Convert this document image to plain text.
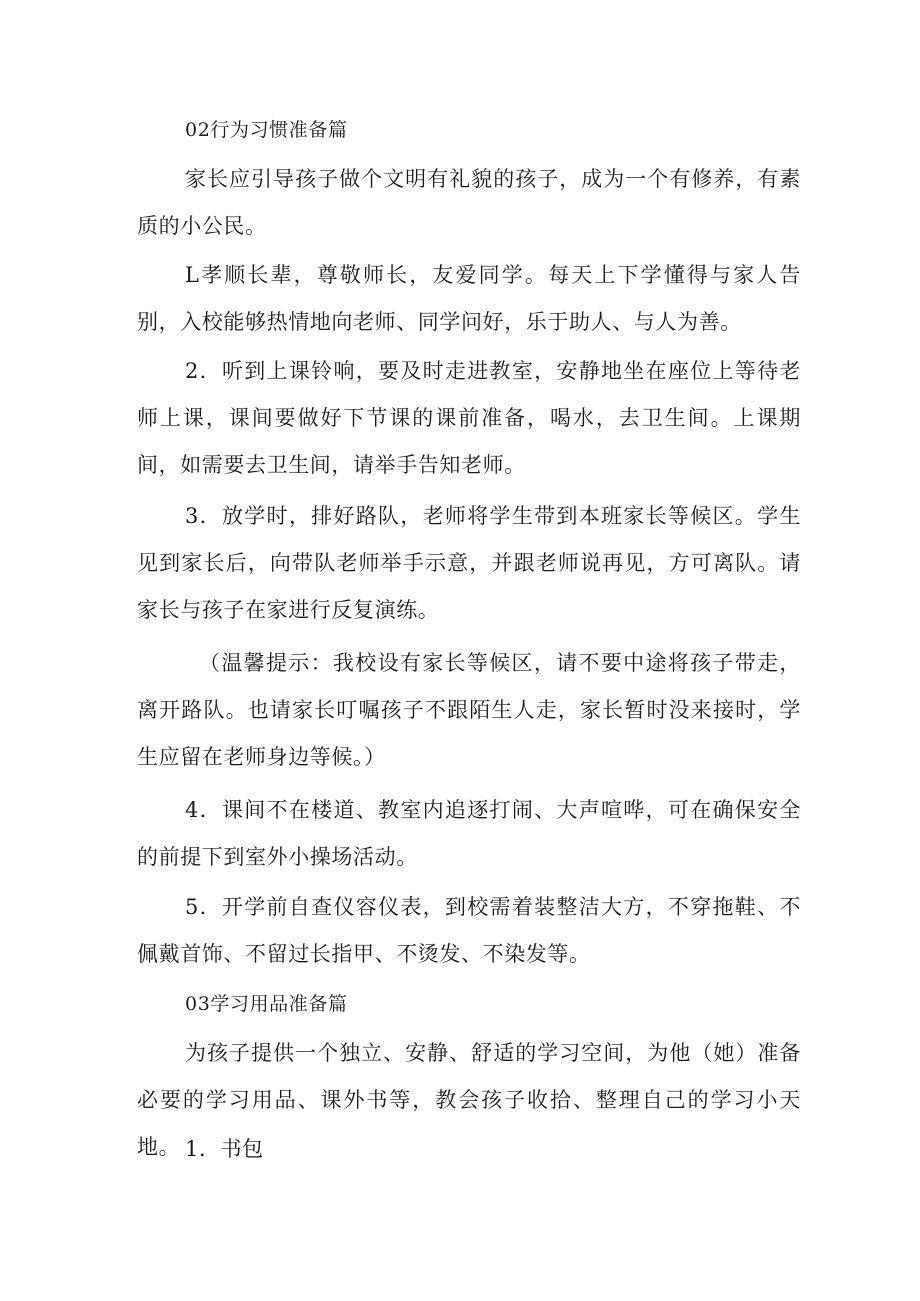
02行为习惯准备篇

家长应引导孩子做个文明有礼貌的孩子，成为一个有修养，有素质的小公民。

L孝顺长辈，尊敬师长，友爱同学。每天上下学懂得与家人告别，入校能够热情地向老师、同学问好，乐于助人、与人为善。

2．听到上课铃响，要及时走进教室，安静地坐在座位上等待老师上课，课间要做好下节课的课前准备，喝水，去卫生间。上课期间，如需要去卫生间，请举手告知老师。

3．放学时，排好路队，老师将学生带到本班家长等候区。学生见到家长后，向带队老师举手示意，并跟老师说再见，方可离队。请家长与孩子在家进行反复演练。

（温馨提示：我校设有家长等候区，请不要中途将孩子带走，离开路队。也请家长叮嘱孩子不跟陌生人走，家长暂时没来接时，学生应留在老师身边等候。）

4．课间不在楼道、教室内追逐打闹、大声喧哗，可在确保安全的前提下到室外小操场活动。

5．开学前自查仪容仪表，到校需着装整洁大方，不穿拖鞋、不佩戴首饰、不留过长指甲、不烫发、不染发等。

03学习用品准备篇

为孩子提供一个独立、安静、舒适的学习空间，为他（她）准备必要的学习用品、课外书等，教会孩子收拾、整理自己的学习小天地。 1．书包
